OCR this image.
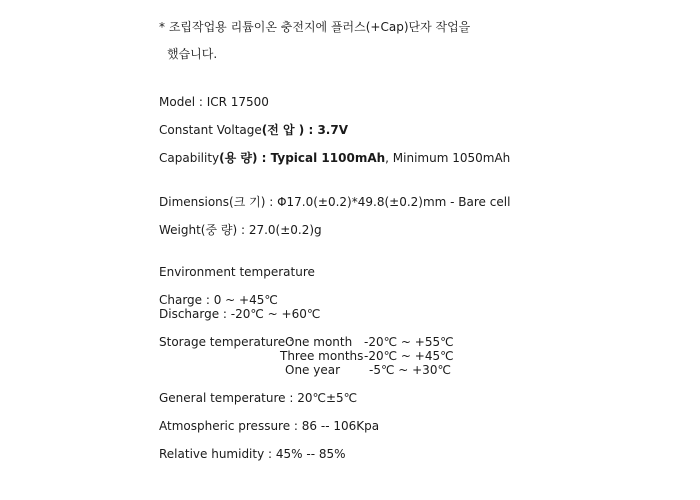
* 조립작업용 리튬이온 충전지에 플러스(+Cap)단자 작업을
했습니다.
Model : ICR 17500
Constant Voltage(전 압 ) : 3.7V
Capability(용 량) : Typical 1100mAh, Minimum 1050mAh
Dimensions(크 기) : Φ17.0(±0.2)*49.8(±0.2)mm - Bare cell
Weight(중 량) : 27.0(±0.2)g
Environment temperature
Charge : 0 ~ +45℃
Discharge : -20℃ ~ +60℃
Storage temperature :
One month -20℃ ~ +55℃
Three months -20℃ ~ +45℃
One year -5℃ ~ +30℃
General temperature : 20℃±5℃
Atmospheric pressure : 86 -- 106Kpa
Relative humidity : 45% -- 85%
